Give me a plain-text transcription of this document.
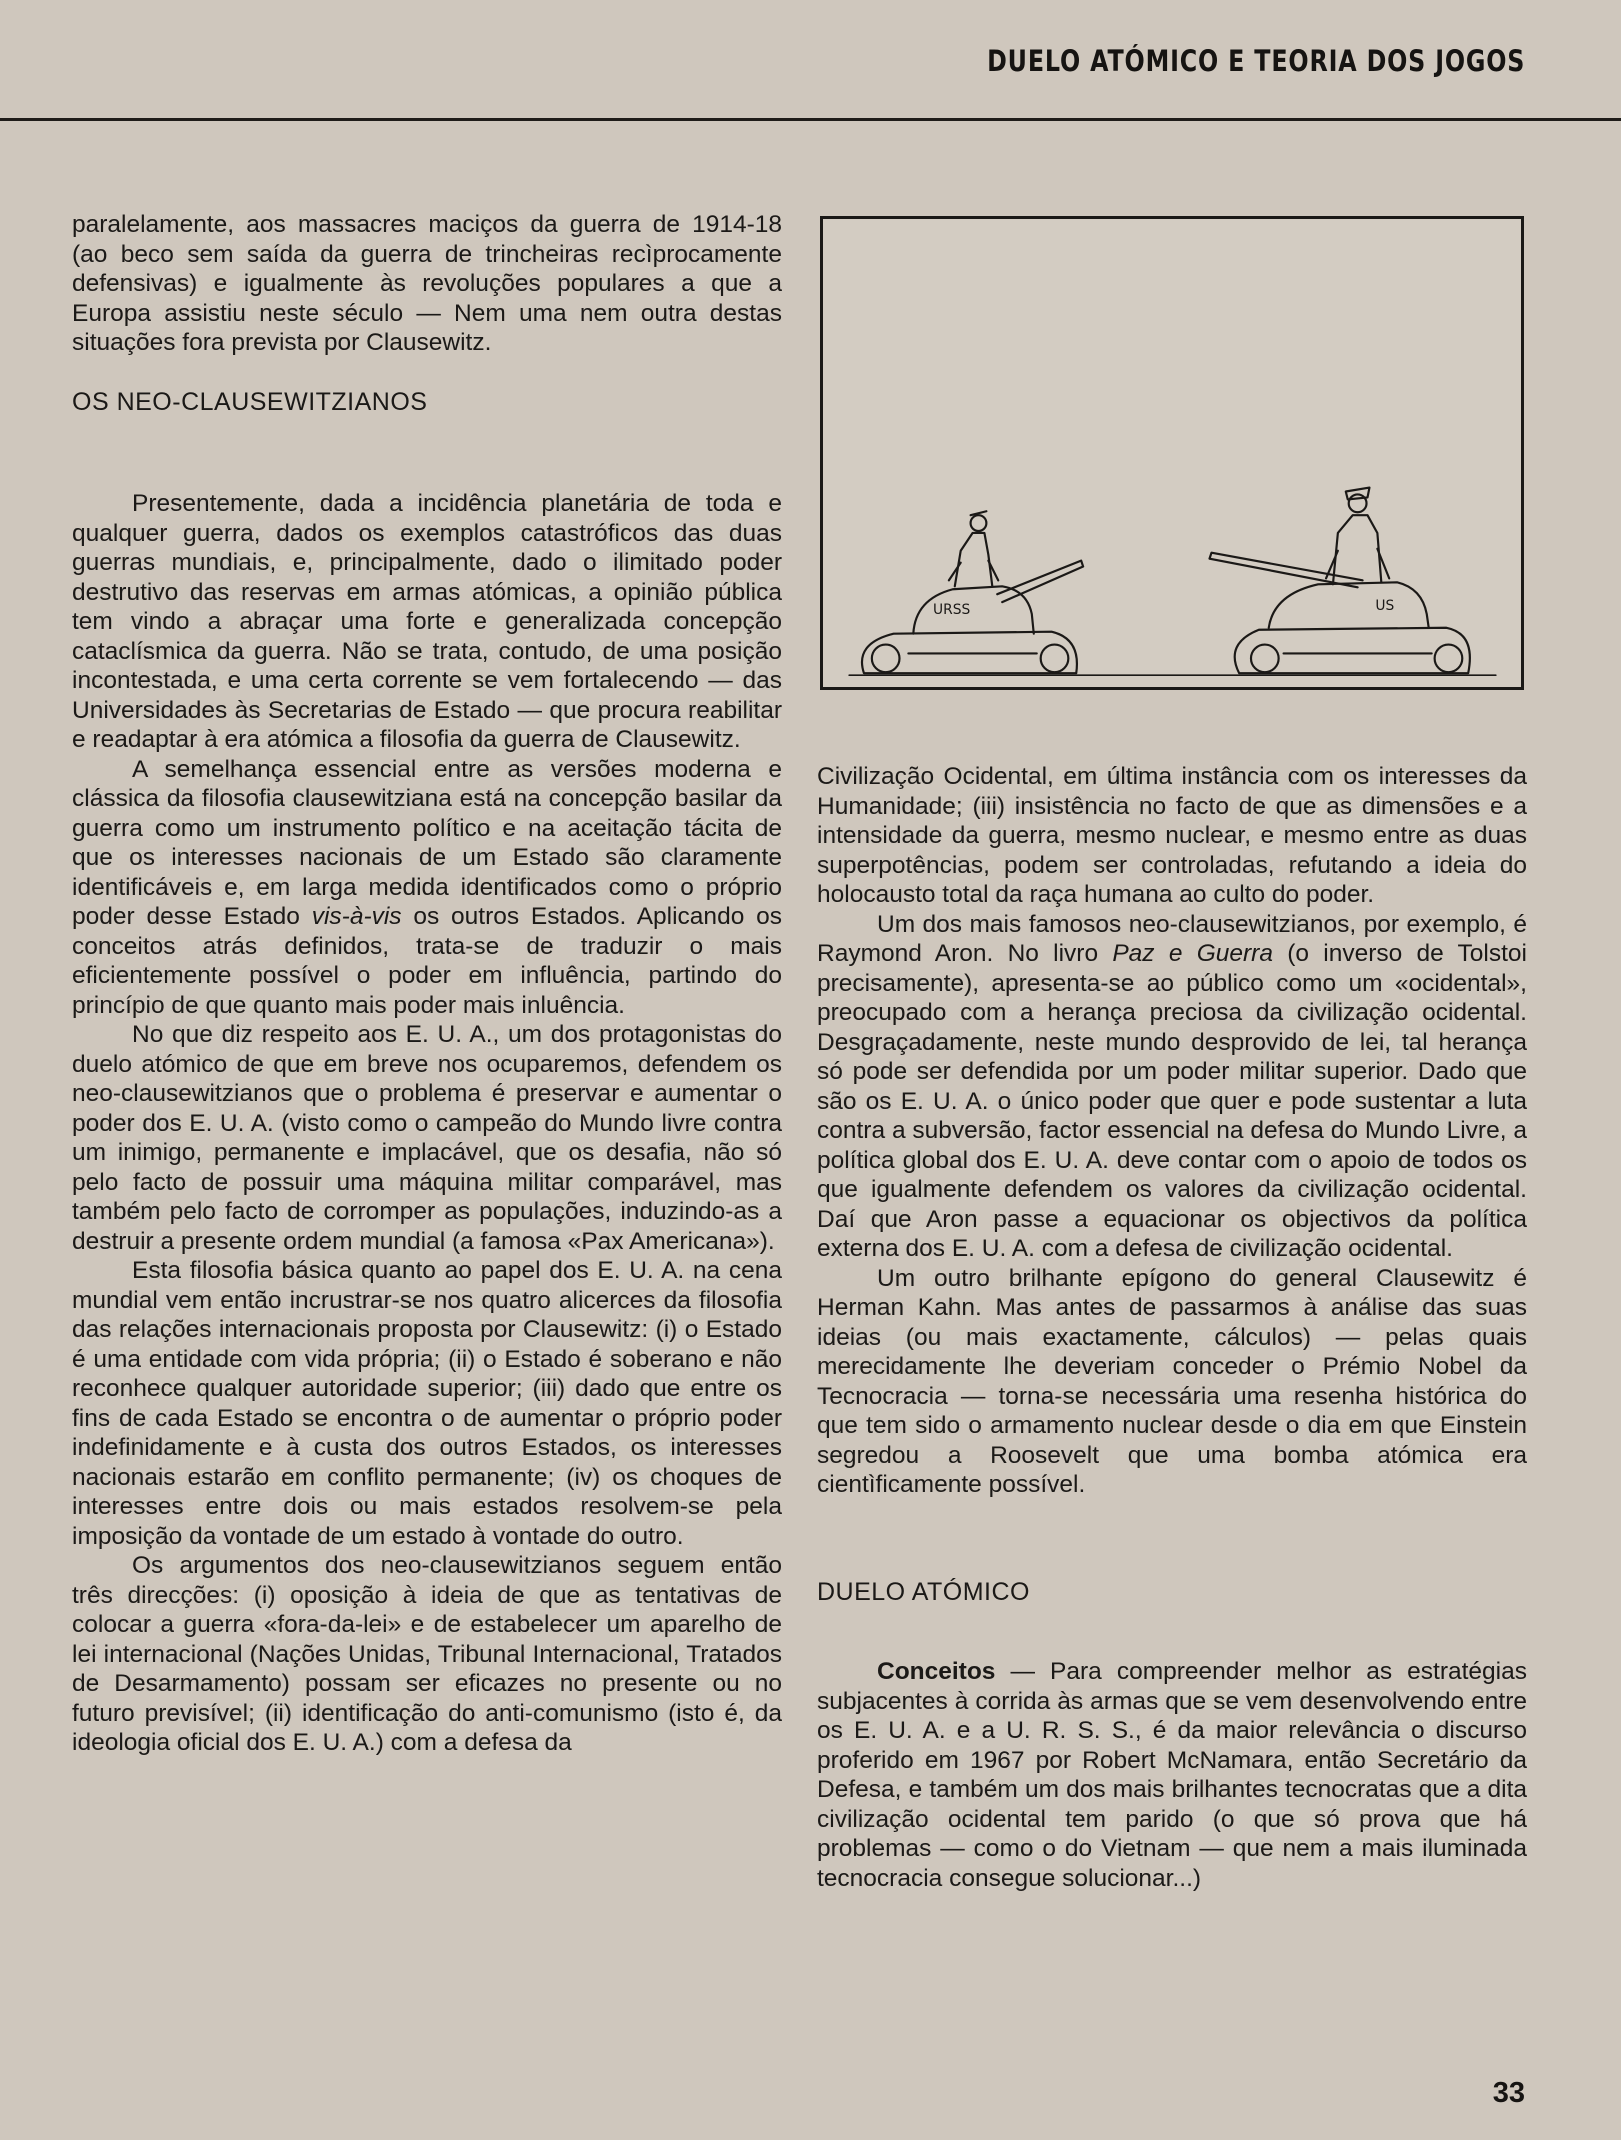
DUELO ATÓMICO E TEORIA DOS JOGOS

paralelamente, aos massacres maciços da guerra de 1914-18 (ao beco sem saída da guerra de trincheiras recìprocamente defensivas) e igualmente às revoluções populares a que a Europa assistiu neste século — Nem uma nem outra destas situações fora prevista por Clausewitz.

OS NEO-CLAUSEWITZIANOS

Presentemente, dada a incidência planetária de toda e qualquer guerra, dados os exemplos catastróficos das duas guerras mundiais, e, principalmente, dado o ilimitado poder destrutivo das reservas em armas atómicas, a opinião pública tem vindo a abraçar uma forte e generalizada concepção cataclísmica da guerra. Não se trata, contudo, de uma posição incontestada, e uma certa corrente se vem fortalecendo — das Universidades às Secretarias de Estado — que procura reabilitar e readaptar à era atómica a filosofia da guerra de Clausewitz.

A semelhança essencial entre as versões moderna e clássica da filosofia clausewitziana está na concepção basilar da guerra como um instrumento político e na aceitação tácita de que os interesses nacionais de um Estado são claramente identificáveis e, em larga medida identificados como o próprio poder desse Estado vis-à-vis os outros Estados. Aplicando os conceitos atrás definidos, trata-se de traduzir o mais eficientemente possível o poder em influência, partindo do princípio de que quanto mais poder mais inluência.

No que diz respeito aos E. U. A., um dos protagonistas do duelo atómico de que em breve nos ocuparemos, defendem os neo-clausewitzianos que o problema é preservar e aumentar o poder dos E. U. A. (visto como o campeão do Mundo livre contra um inimigo, permanente e implacável, que os desafia, não só pelo facto de possuir uma máquina militar comparável, mas também pelo facto de corromper as populações, induzindo-as a destruir a presente ordem mundial (a famosa «Pax Americana»).

Esta filosofia básica quanto ao papel dos E. U. A. na cena mundial vem então incrustrar-se nos quatro alicerces da filosofia das relações internacionais proposta por Clausewitz: (i) o Estado é uma entidade com vida própria; (ii) o Estado é soberano e não reconhece qualquer autoridade superior; (iii) dado que entre os fins de cada Estado se encontra o de aumentar o próprio poder indefinidamente e à custa dos outros Estados, os interesses nacionais estarão em conflito permanente; (iv) os choques de interesses entre dois ou mais estados resolvem-se pela imposição da vontade de um estado à vontade do outro.

Os argumentos dos neo-clausewitzianos seguem então três direcções: (i) oposição à ideia de que as tentativas de colocar a guerra «fora-da-lei» e de estabelecer um aparelho de lei internacional (Nações Unidas, Tribunal Internacional, Tratados de Desarmamento) possam ser eficazes no presente ou no futuro previsível; (ii) identificação do anti-comunismo (isto é, da ideologia oficial dos E. U. A.) com a defesa da

URSS	US

Civilização Ocidental, em última instância com os interesses da Humanidade; (iii) insistência no facto de que as dimensões e a intensidade da guerra, mesmo nuclear, e mesmo entre as duas superpotências, podem ser controladas, refutando a ideia do holocausto total da raça humana ao culto do poder.

Um dos mais famosos neo-clausewitzianos, por exemplo, é Raymond Aron. No livro Paz e Guerra (o inverso de Tolstoi precisamente), apresenta-se ao público como um «ocidental», preocupado com a herança preciosa da civilização ocidental. Desgraçadamente, neste mundo desprovido de lei, tal herança só pode ser defendida por um poder militar superior. Dado que são os E. U. A. o único poder que quer e pode sustentar a luta contra a subversão, factor essencial na defesa do Mundo Livre, a política global dos E. U. A. deve contar com o apoio de todos os que igualmente defendem os valores da civilização ocidental. Daí que Aron passe a equacionar os objectivos da política externa dos E. U. A. com a defesa de civilização ocidental.

Um outro brilhante epígono do general Clausewitz é Herman Kahn. Mas antes de passarmos à análise das suas ideias (ou mais exactamente, cálculos) — pelas quais merecidamente lhe deveriam conceder o Prémio Nobel da Tecnocracia — torna-se necessária uma resenha histórica do que tem sido o armamento nuclear desde o dia em que Einstein segredou a Roosevelt que uma bomba atómica era cientìficamente possível.

DUELO ATÓMICO

Conceitos — Para compreender melhor as estratégias subjacentes à corrida às armas que se vem desenvolvendo entre os E. U. A. e a U. R. S. S., é da maior relevância o discurso proferido em 1967 por Robert McNamara, então Secretário da Defesa, e também um dos mais brilhantes tecnocratas que a dita civilização ocidental tem parido (o que só prova que há problemas — como o do Vietnam — que nem a mais iluminada tecnocracia consegue solucionar...)

33
